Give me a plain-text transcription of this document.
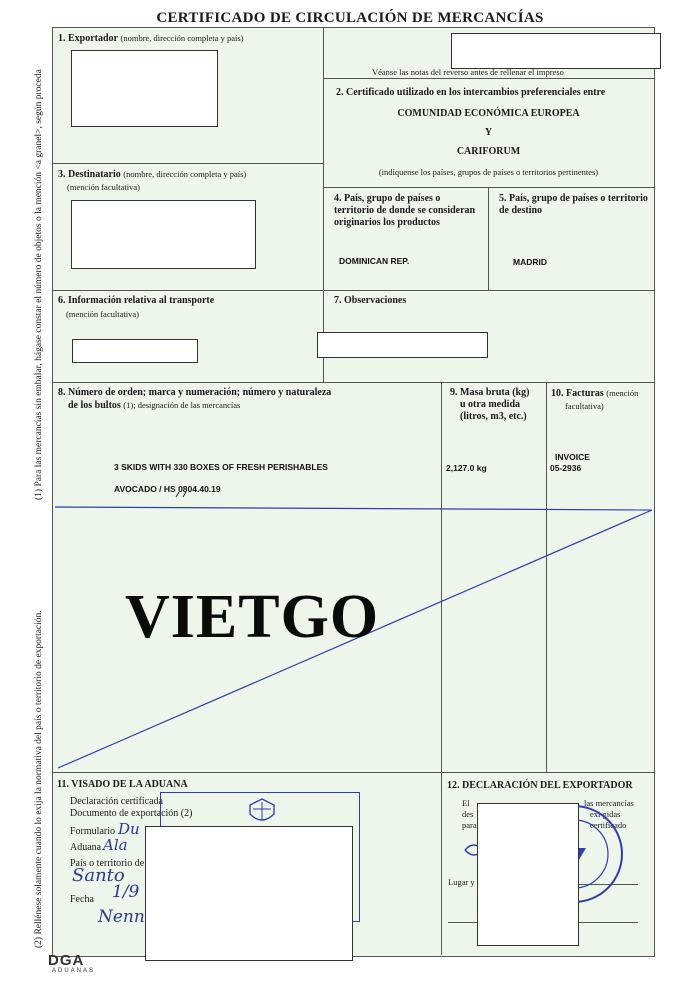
CERTIFICADO DE CIRCULACIÓN DE MERCANCÍAS
(1) Para las mercancías sin embalar, hágase constar el número de objetos o la mención <a granel>, según proceda
(2) Rellénese solamente cuando lo exija la normativa del país o territorio de exportación.
1. Exportador (nombre, dirección completa y país)
Véanse las notas del reverso antes de rellenar el impreso
2. Certificado utilizado en los intercambios preferenciales entre
COMUNIDAD ECONÓMICA EUROPEA
Y
CARIFORUM
(indíquense los países, grupos de países o territorios pertinentes)
3. Destinatario (nombre, dirección completa y país)
(mención facultativa)
4. País, grupo de países o territorio de donde se consideran originarios los productos
DOMINICAN REP.
5. País, grupo de países o territorio de destino
MADRID
6. Información relativa al transporte
(mención facultativa)
7. Observaciones
8. Número de orden; marca y numeración; número y naturaleza
de los bultos (1); designación de las mercancías
3 SKIDS WITH 330 BOXES OF FRESH PERISHABLES
AVOCADO / HS 0804.40.19
9. Masa bruta (kg)
u otra medida
(litros, m3, etc.)
2,127.0 kg
10. Facturas (mención
facultativa)
INVOICE
05-2936
VIETGO
11. VISADO DE LA ADUANA
Declaración certificada
Documento de exportación (2)
Formulario
Aduana
País o territorio de
Fecha
Du
Ala
Santo
1/9
Nenn
12. DECLARACIÓN DEL EXPORTADOR
El	las mercancías
des	exi gidas
para	certificado
Lugar y
DGA
ADUANAS
